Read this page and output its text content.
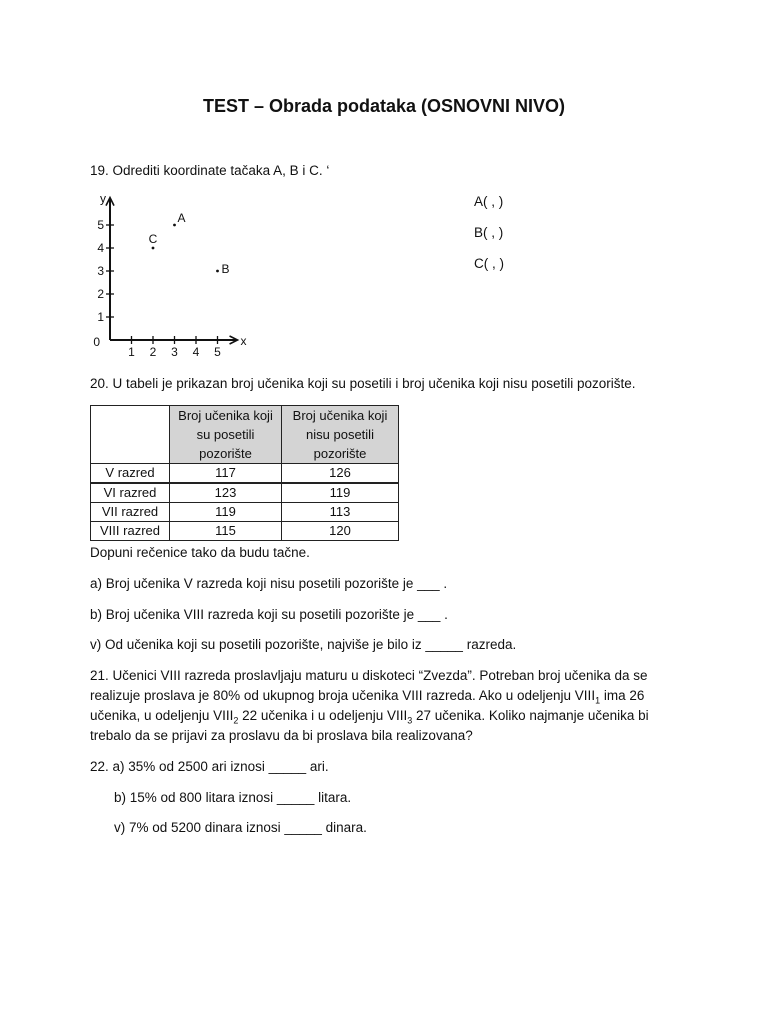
TEST – Obrada podataka (OSNOVNI NIVO)
19. Odrediti koordinate tačaka A, B i C. ‘
1 2 3 4 5
1
2
3
4
5
0	x
y
A
B
C
A( , )
B( , )
C( , )
20. U tabeli je prikazan broj učenika koji su posetili i broj učenika koji nisu posetili pozorište.
	Broj učenika koji su posetili pozorište	Broj učenika koji nisu posetili pozorište
V razred	117	126
VI razred	123	119
VII razred	119	113
VIII razred	115	120
Dopuni rečenice tako da budu tačne.
a) Broj učenika V razreda koji nisu posetili pozorište je ___ .
b) Broj učenika VIII razreda koji su posetili pozorište je ___ .
v) Od učenika koji su posetili pozorište, najviše je bilo iz _____ razreda.
21. Učenici VIII razreda proslavljaju maturu u diskoteci “Zvezda”. Potreban broj učenika da se
realizuje proslava je 80% od ukupnog broja učenika VIII razreda. Ako u odeljenju $VIII_1$ ima 26
učenika, u odeljenju $VIII_2$ 22 učenika i u odeljenju $VIII_3$ 27 učenika. Koliko najmanje učenika bi
trebalo da se prijavi za proslavu da bi proslava bila realizovana?
22. a) 35% od 2500 ari iznosi _____ ari.
b) 15% od 800 litara iznosi _____ litara.
v) 7% od 5200 dinara iznosi _____ dinara.
